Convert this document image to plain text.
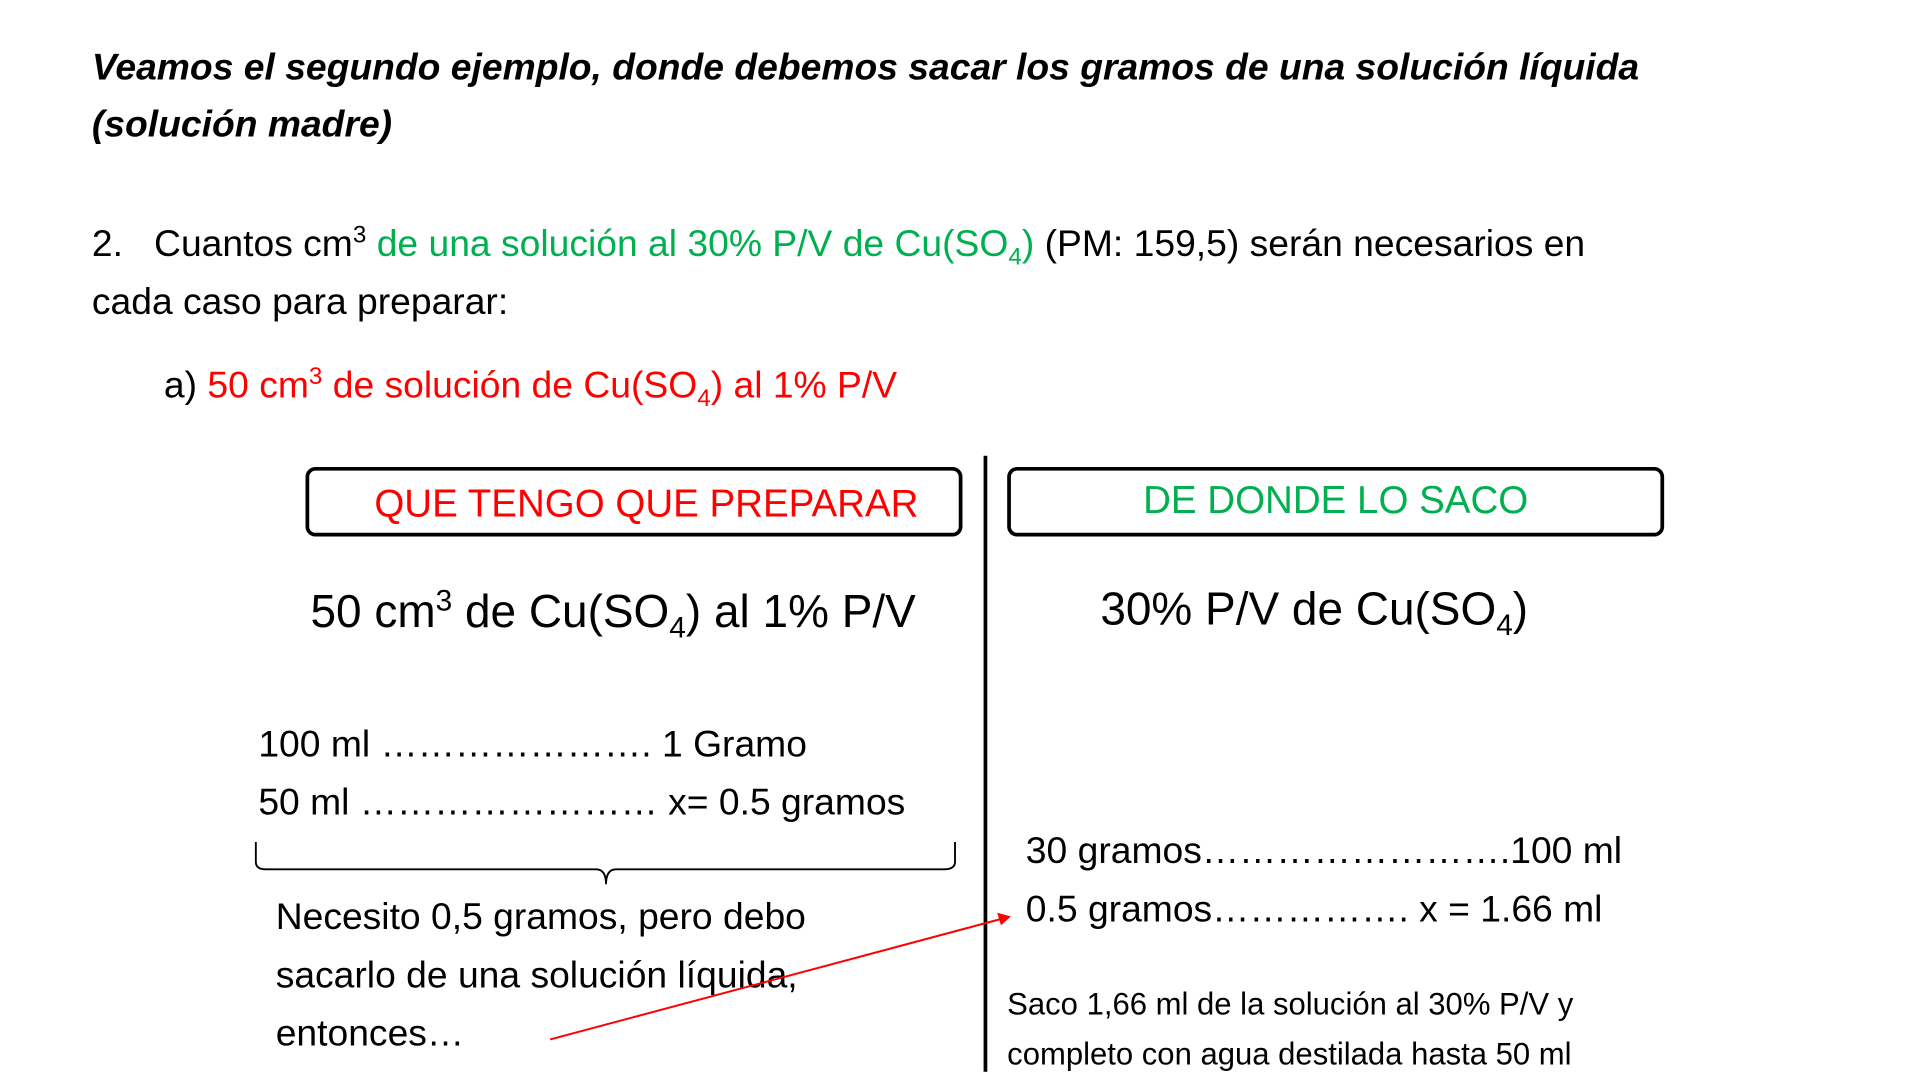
Veamos el segundo ejemplo, donde debemos sacar los gramos de una solución líquida
(solución madre)
2. Cuantos $cm^3$ de una solución al 30% P/V de $Cu(SO_4)$ (PM: 159,5) serán necesarios en
cada caso para preparar:
a) 50 $cm^3$ de solución de $Cu(SO_4)$ al 1% P/V
QUE TENGO QUE PREPARAR	DE DONDE LO SACO
50 $cm^3$ de $Cu(SO_4)$ al 1% P/V	30% P/V de $Cu(SO_4)$
100 ml …………………. 1 Gramo
50 ml …………………… x= 0.5 gramos
Necesito 0,5 gramos, pero debo
sacarlo de una solución líquida,
entonces…
30 gramos…………………….100 ml
0.5 gramos……………. x = 1.66 ml
Saco 1,66 ml de la solución al 30% P/V y
completo con agua destilada hasta 50 ml
